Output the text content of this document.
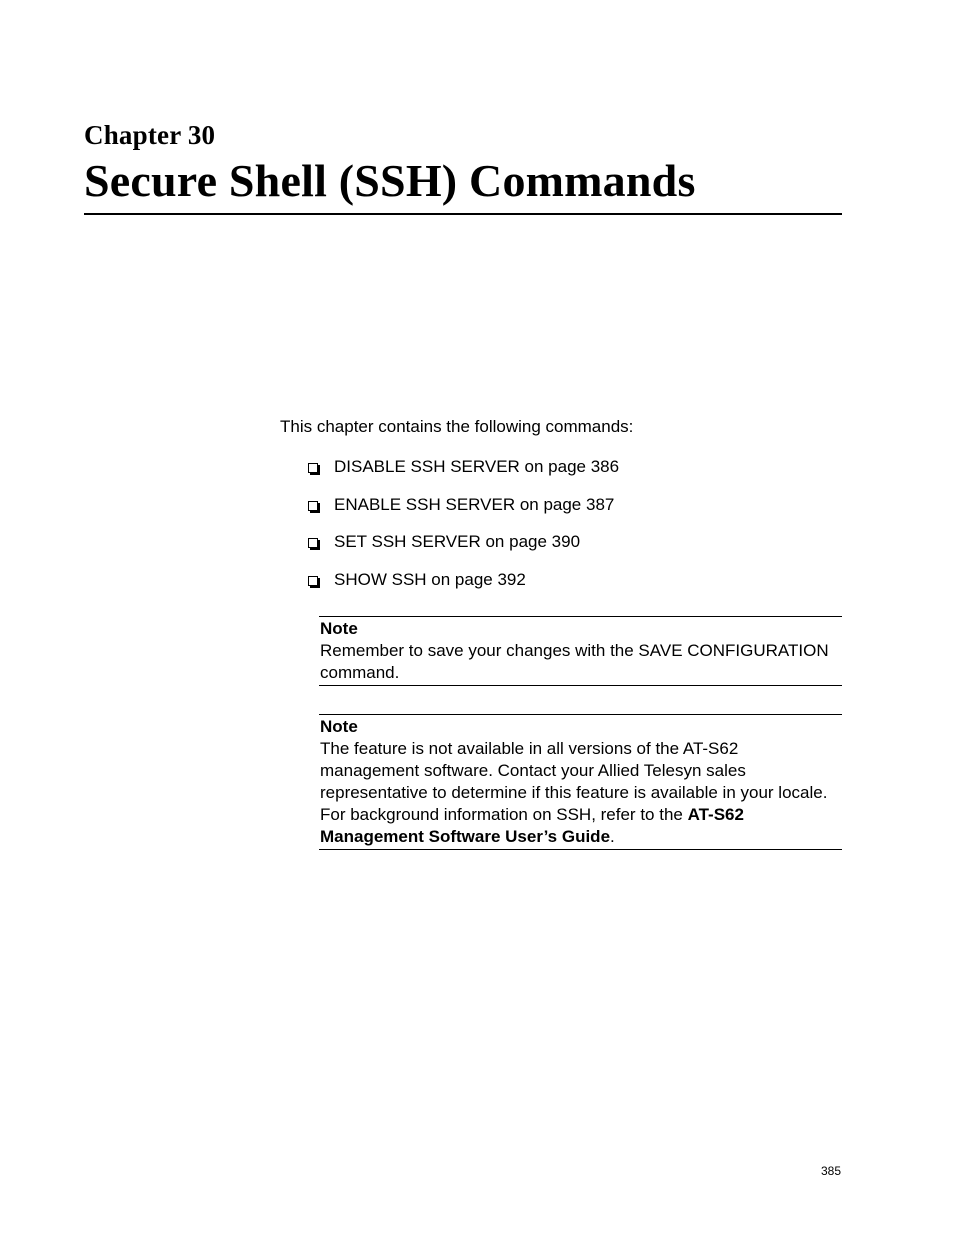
Chapter 30
Secure Shell (SSH) Commands
This chapter contains the following commands:
DISABLE SSH SERVER on page 386
ENABLE SSH SERVER on page 387
SET SSH SERVER on page 390
SHOW SSH on page 392
Note
Remember to save your changes with the SAVE CONFIGURATION command.
Note
The feature is not available in all versions of the AT-S62 management software. Contact your Allied Telesyn sales representative to determine if this feature is available in your locale. For background information on SSH, refer to the AT-S62 Management Software User’s Guide.
385
